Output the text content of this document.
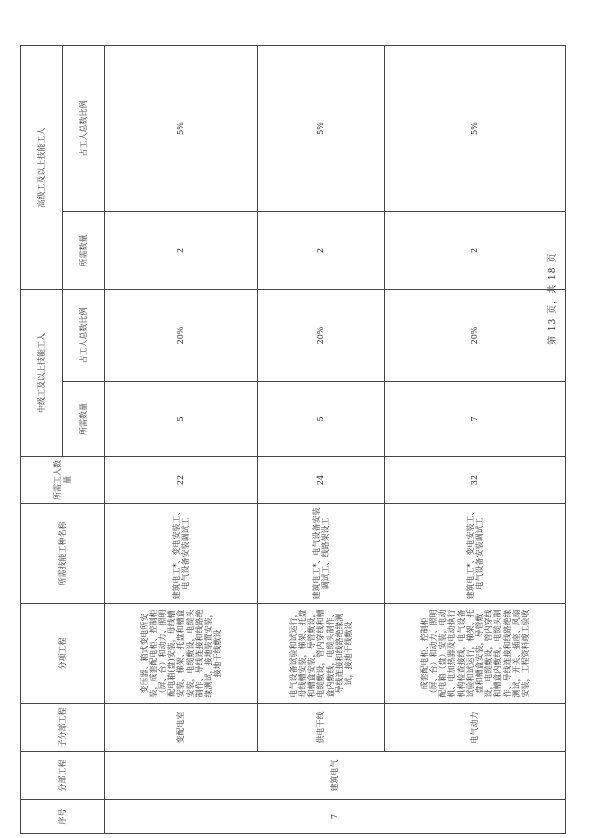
序号	分部工程	子分部工程	分项工程	所需技能工种名称	所需工人数量	中级工及以上技能工人		高级工及以上技能工人	
						所需数量	占工人总数比例	所需数量	占工人总数比例
7	建筑电气	变配电室	变压器、箱式变电所安装，成套配电柜、控制柜（屏、台）和动力、照明配电箱(盘)安装，母线槽安装，梯架、托盘和槽盒安装，电缆敷设，电缆头制作、导线连接和线路绝缘测试，接地装置安装，接地干线敷设	建筑电工*、变电安装工、电气设备安装调试工	22	5	20%	2	5%
		供电干线	电气设备试验和试运行，母线槽安装，梯架、托盘和槽盒安装，导管敷设，电缆敷设，管内穿线和槽盒内敷线，电缆头制作、导线连接和线路绝缘测试，接地干线敷设	建筑电工*、电气设备安装调试工、线路架设工	24	5	20%	2	5%
		电气动力	成套配电柜、控制柜（屏、台）和动力、照明配电箱（盘）安装，电动机、电加热器及电动执行机构检查接线，电气设备试验和试运行，梯架、托盘和槽盒安装，导管敷设，电缆敷设，管内穿线和槽盒内敷线，电缆头制作、导线连接和线路绝缘测试，开关、插座、风扇安装，工程资料竣工验收	建筑电工*、变电安装工、电气设备安装调试工	32	7	20%	2	5%
第 13 页，共 18 页
